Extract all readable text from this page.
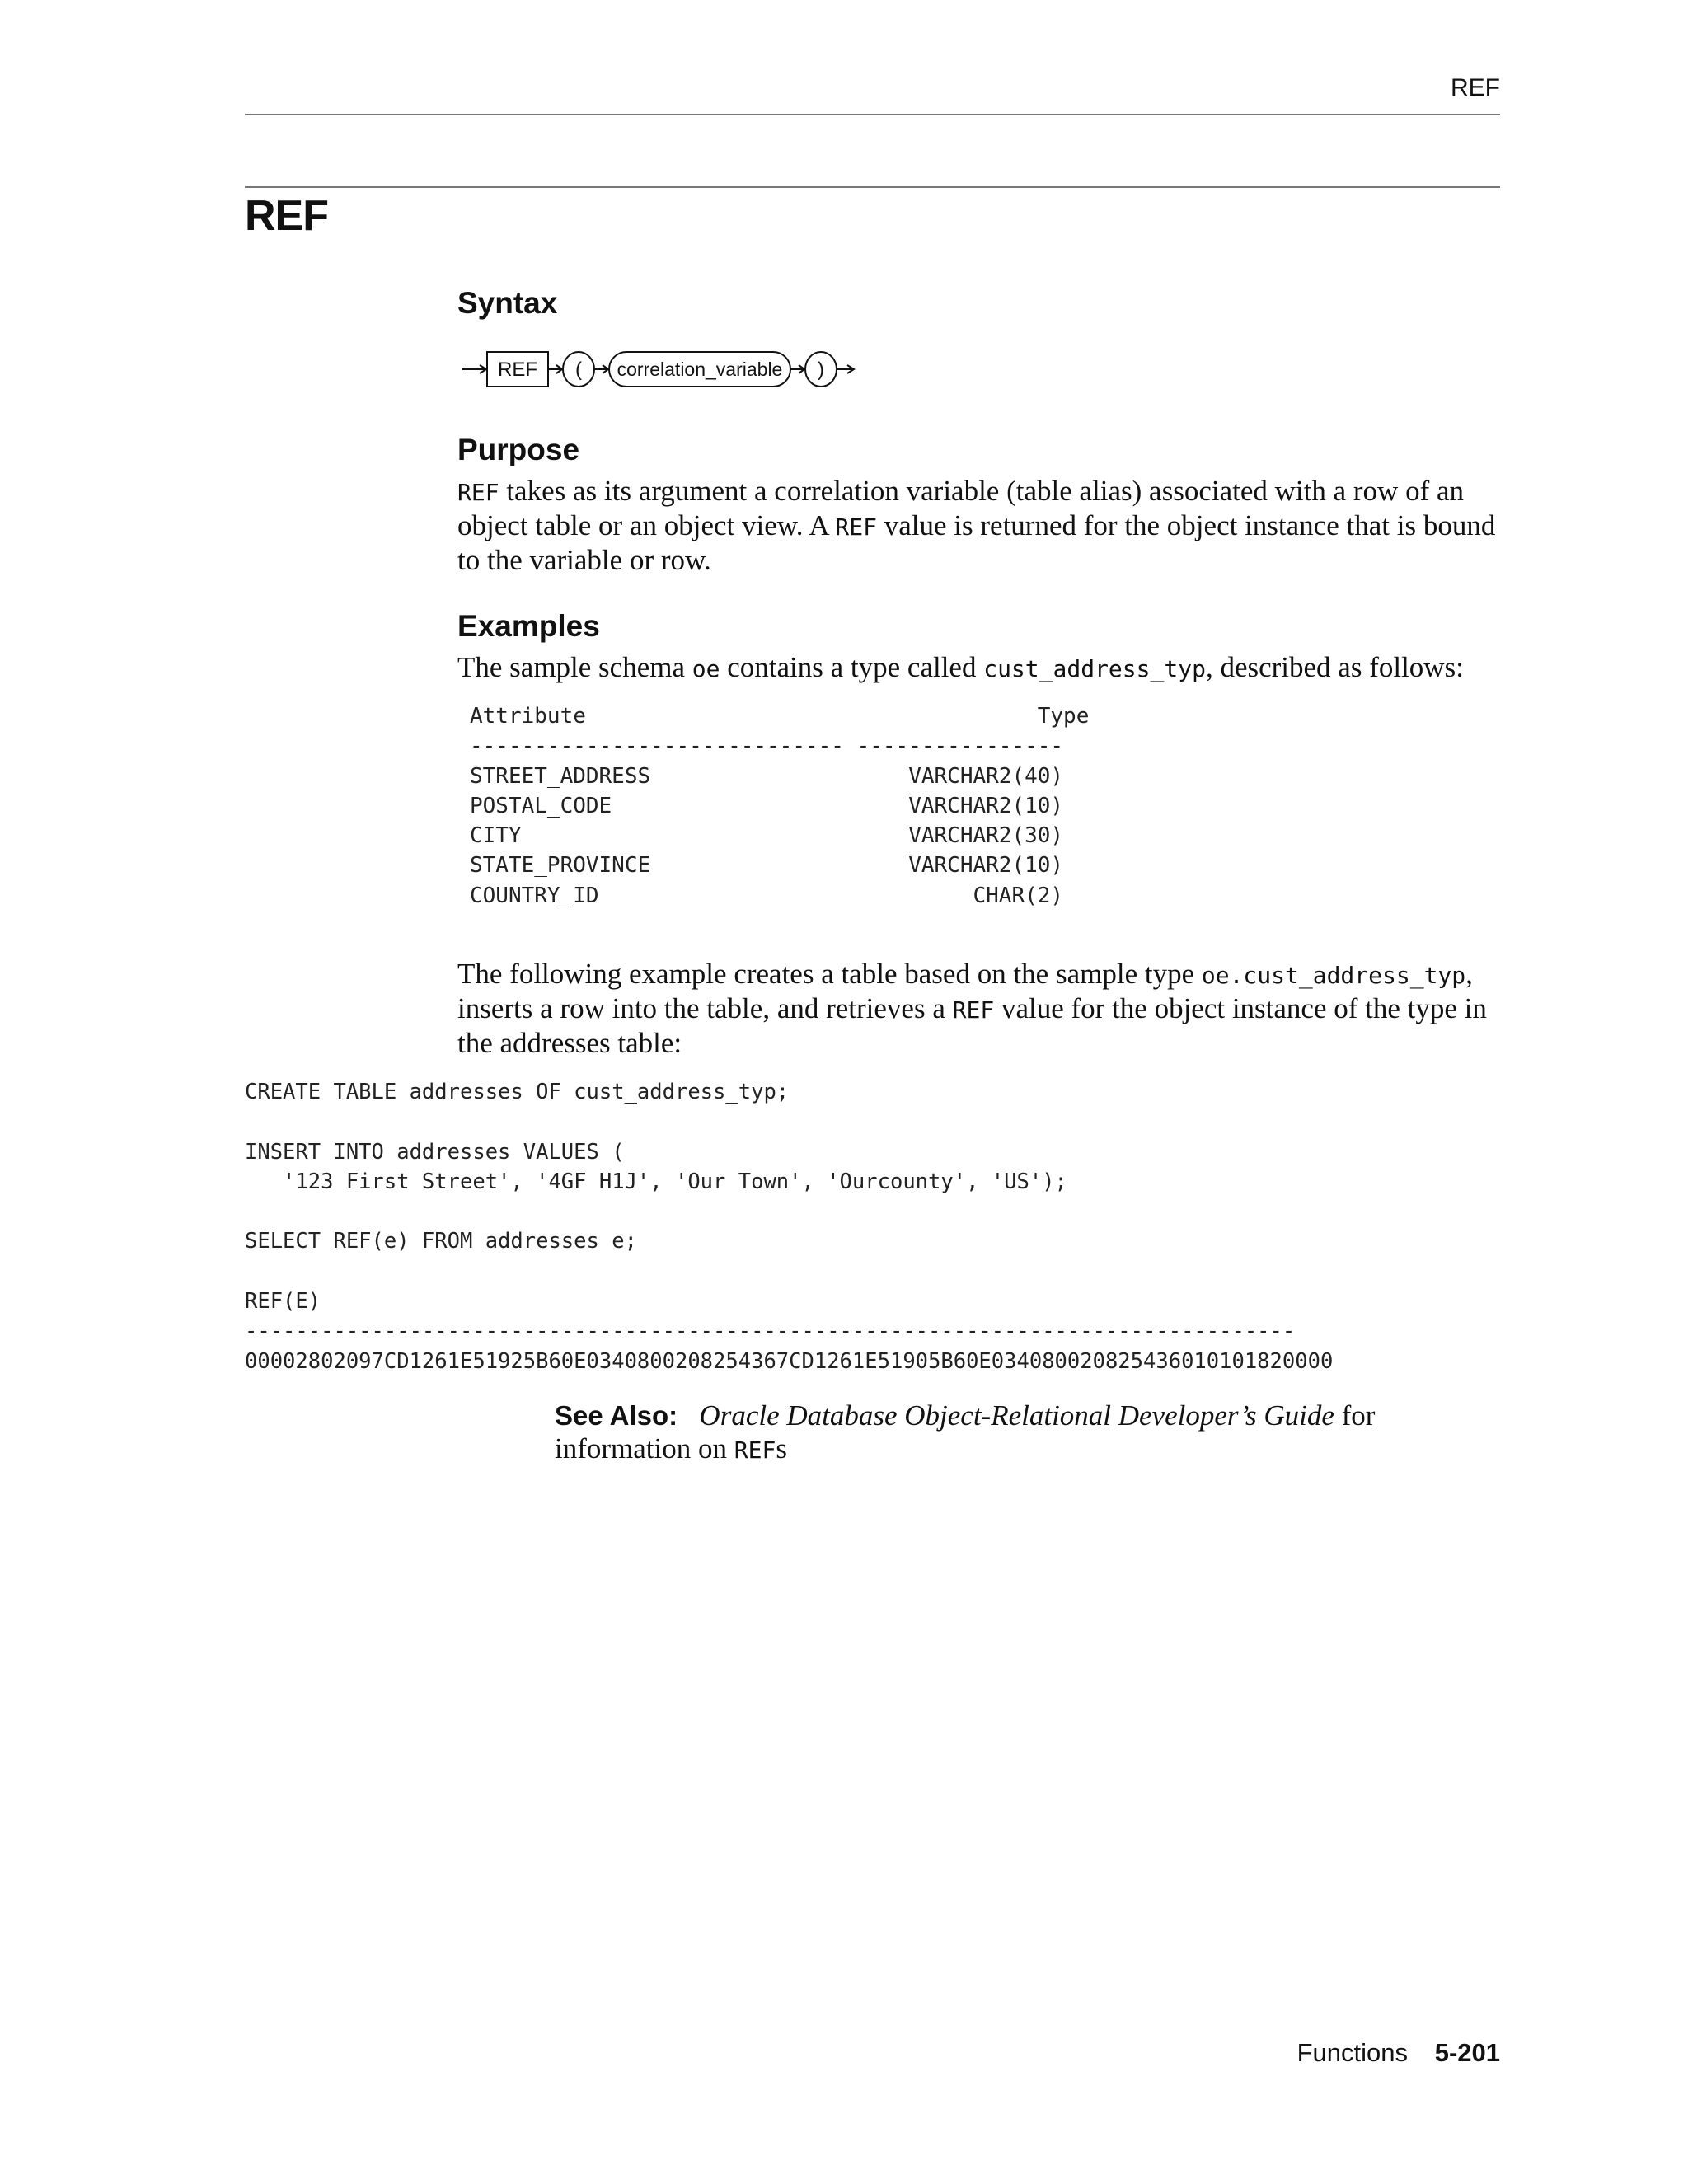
REF
REF
Syntax
REF ( correlation_variable )
Purpose
REF takes as its argument a correlation variable (table alias) associated with a row of an object table or an object view. A REF value is returned for the object instance that is bound to the variable or row.
Examples
The sample schema oe contains a type called cust_address_typ, described as follows:
Attribute                                   Type
----------------------------- ----------------
STREET_ADDRESS                    VARCHAR2(40)
POSTAL_CODE                       VARCHAR2(10)
CITY                              VARCHAR2(30)
STATE_PROVINCE                    VARCHAR2(10)
COUNTRY_ID                             CHAR(2)
The following example creates a table based on the sample type oe.cust_address_typ, inserts a row into the table, and retrieves a REF value for the object instance of the type in the addresses table:
CREATE TABLE addresses OF cust_address_typ;

INSERT INTO addresses VALUES (
'123 First Street', '4GF H1J', 'Our Town', 'Ourcounty', 'US');

SELECT REF(e) FROM addresses e;

REF(E)
-----------------------------------------------------------------------------------
00002802097CD1261E51925B60E0340800208254367CD1261E51905B60E034080020825436010101820000
See Also: Oracle Database Object-Relational Developer’s Guide for information on REFs
Functions 5-201
